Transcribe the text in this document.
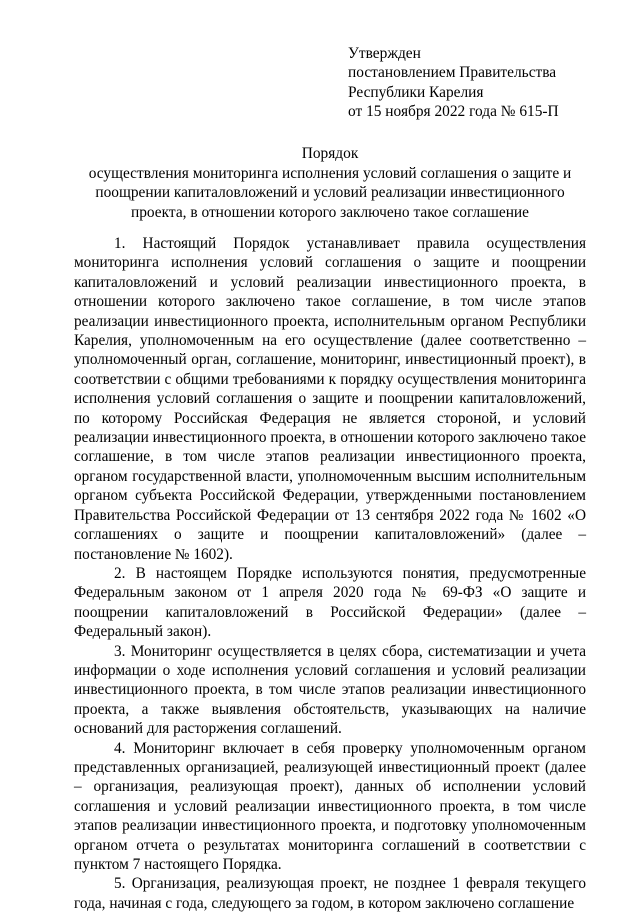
Утвержден
постановлением Правительства
Республики Карелия
от 15 ноября 2022 года № 615-П
Порядок
осуществления мониторинга исполнения условий соглашения о защите и
поощрении капиталовложений и условий реализации инвестиционного
проекта, в отношении которого заключено такое соглашение

1. Настоящий Порядок устанавливает правила осуществления мониторинга исполнения условий соглашения о защите и поощрении капиталовложений и условий реализации инвестиционного проекта, в отношении которого заключено такое соглашение, в том числе этапов реализации инвестиционного проекта, исполнительным органом Республики Карелия, уполномоченным на его осуществление (далее соответственно – уполномоченный орган, соглашение, мониторинг, инвестиционный проект), в соответствии с общими требованиями к порядку осуществления мониторинга исполнения условий соглашения о защите и поощрении капиталовложений, по которому Российская Федерация не является стороной, и условий реализации инвестиционного проекта, в отношении которого заключено такое соглашение, в том числе этапов реализации инвестиционного проекта, органом государственной власти, уполномоченным высшим исполнительным органом субъекта Российской Федерации, утвержденными постановлением Правительства Российской Федерации от 13 сентября 2022 года № 1602 «О соглашениях о защите и поощрении капиталовложений» (далее – постановление № 1602).

2. В настоящем Порядке используются понятия, предусмотренные Федеральным законом от 1 апреля 2020 года № 69-ФЗ «О защите и поощрении капиталовложений в Российской Федерации» (далее – Федеральный закон).

3. Мониторинг осуществляется в целях сбора, систематизации и учета информации о ходе исполнения условий соглашения и условий реализации инвестиционного проекта, в том числе этапов реализации инвестиционного проекта, а также выявления обстоятельств, указывающих на наличие оснований для расторжения соглашений.

4. Мониторинг включает в себя проверку уполномоченным органом представленных организацией, реализующей инвестиционный проект (далее – организация, реализующая проект), данных об исполнении условий соглашения и условий реализации инвестиционного проекта, в том числе этапов реализации инвестиционного проекта, и подготовку уполномоченным органом отчета о результатах мониторинга соглашений в соответствии с пунктом 7 настоящего Порядка.

5. Организация, реализующая проект, не позднее 1 февраля текущего года, начиная с года, следующего за годом, в котором заключено соглашение
